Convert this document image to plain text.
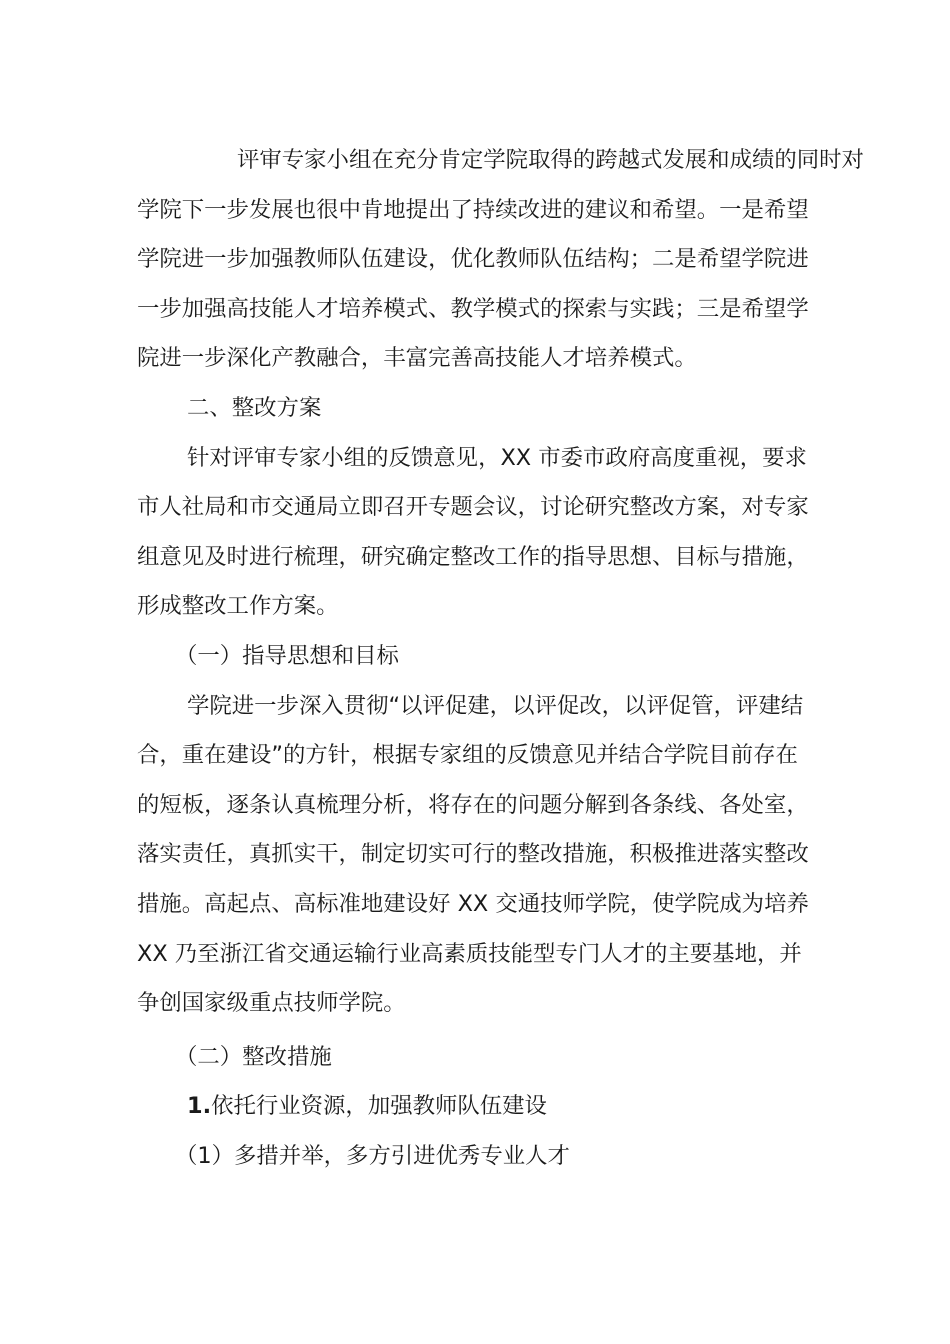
评审专家小组在充分肯定学院取得的跨越式发展和成绩的同时对
学院下一步发展也很中肯地提出了持续改进的建议和希望。一是希望
学院进一步加强教师队伍建设，优化教师队伍结构；二是希望学院进
一步加强高技能人才培养模式、教学模式的探索与实践；三是希望学
院进一步深化产教融合，丰富完善高技能人才培养模式。
二、整改方案
针对评审专家小组的反馈意见，XX 市委市政府高度重视，要求
市人社局和市交通局立即召开专题会议，讨论研究整改方案，对专家
组意见及时进行梳理，研究确定整改工作的指导思想、目标与措施，
形成整改工作方案。
（一）指导思想和目标
学院进一步深入贯彻“以评促建，以评促改，以评促管，评建结
合，重在建设”的方针，根据专家组的反馈意见并结合学院目前存在
的短板，逐条认真梳理分析，将存在的问题分解到各条线、各处室，
落实责任，真抓实干，制定切实可行的整改措施，积极推进落实整改
措施。高起点、高标准地建设好 XX 交通技师学院，使学院成为培养
XX 乃至浙江省交通运输行业高素质技能型专门人才的主要基地，并
争创国家级重点技师学院。
（二）整改措施
1.依托行业资源，加强教师队伍建设
（1）多措并举，多方引进优秀专业人才
